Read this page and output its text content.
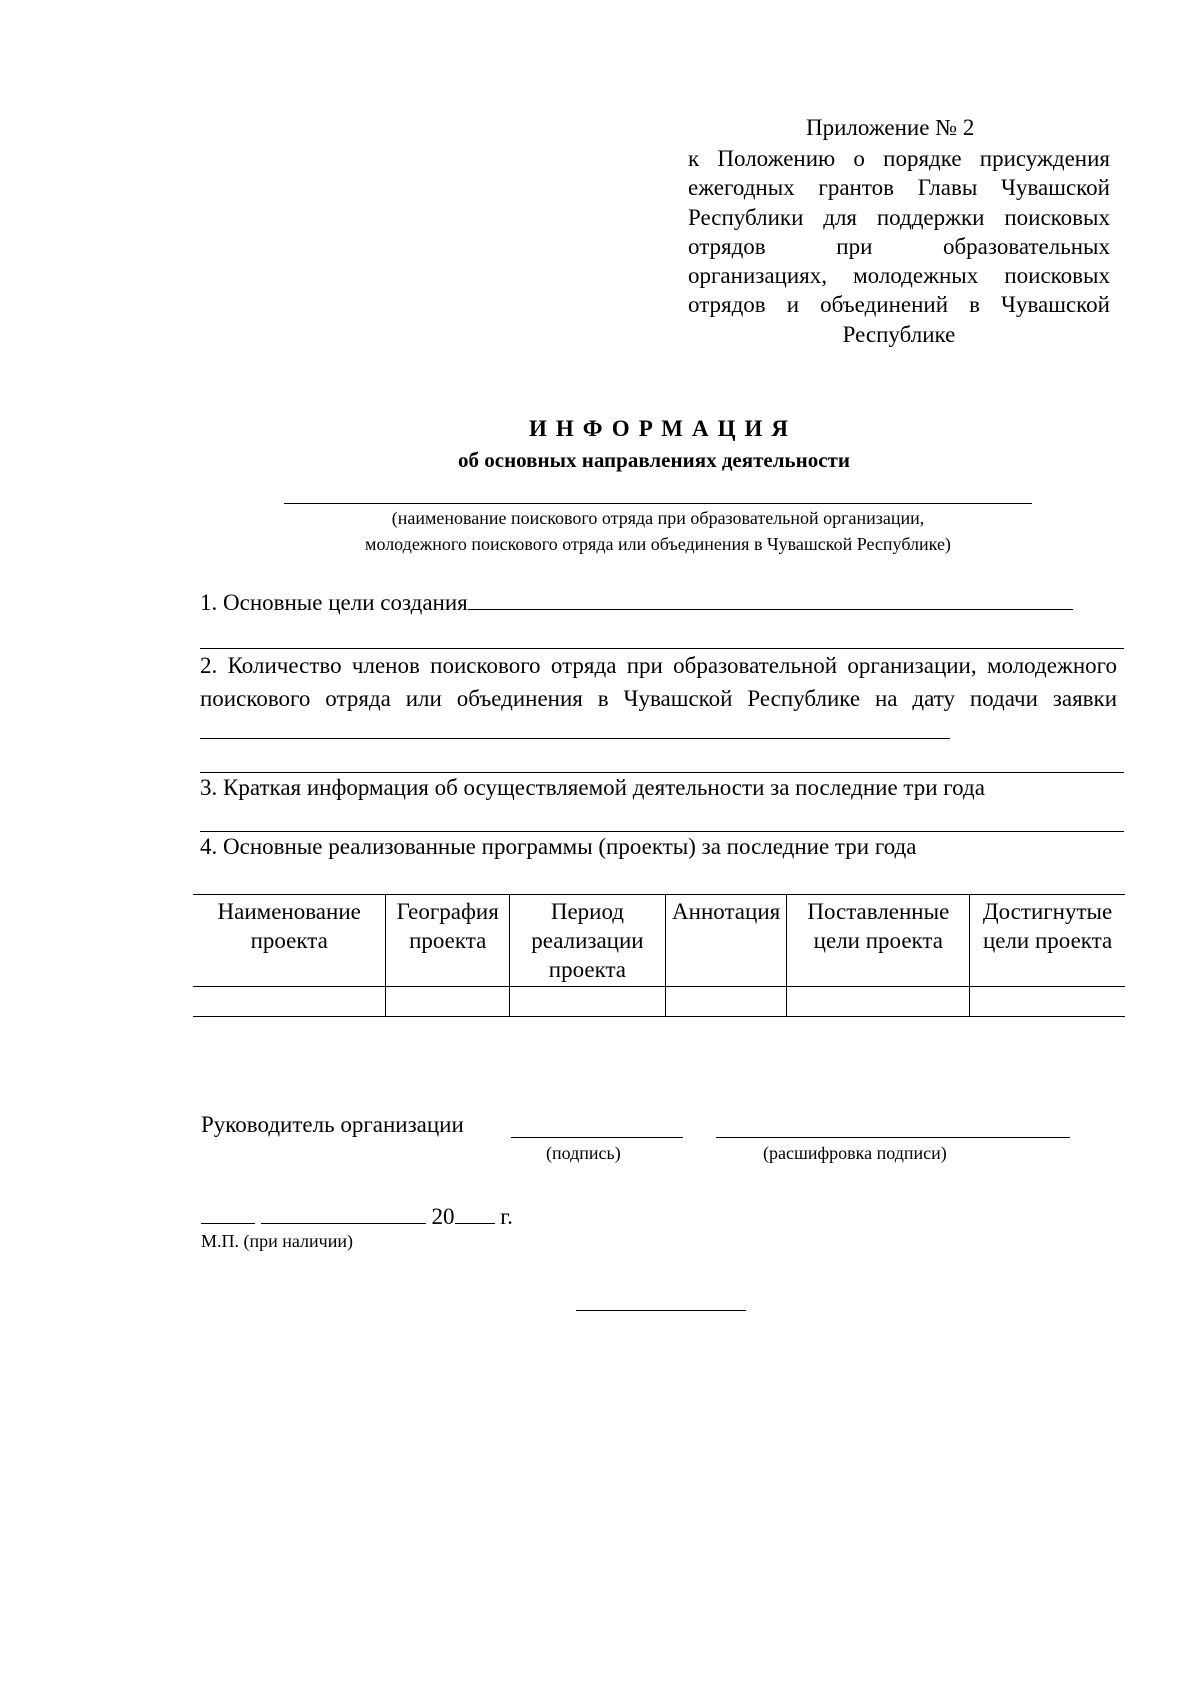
Приложение № 2
к Положению о порядке присуждения ежегодных грантов Главы Чувашской Республики для поддержки поисковых отрядов при образовательных организациях, молодежных поисковых отрядов и объединений в Чувашской Республике
ИНФОРМАЦИЯ
об основных направлениях деятельности
(наименование поискового отряда при образовательной организации,
молодежного поискового отряда или объединения в Чувашской Республике)
1. Основные цели создания
2. Количество членов поискового отряда при образовательной организации, молодежного поискового отряда или объединения в Чувашской Республике на дату подачи заявки
3. Краткая информация об осуществляемой деятельности за последние три года
4. Основные реализованные программы (проекты) за последние три года
Наименование проекта	География проекта	Период реализации проекта	Аннотация	Поставленные цели проекта	Достигнутые цели проекта

Руководитель организации
(подпись)	(расшифровка подписи)
20 г.
М.П. (при наличии)
